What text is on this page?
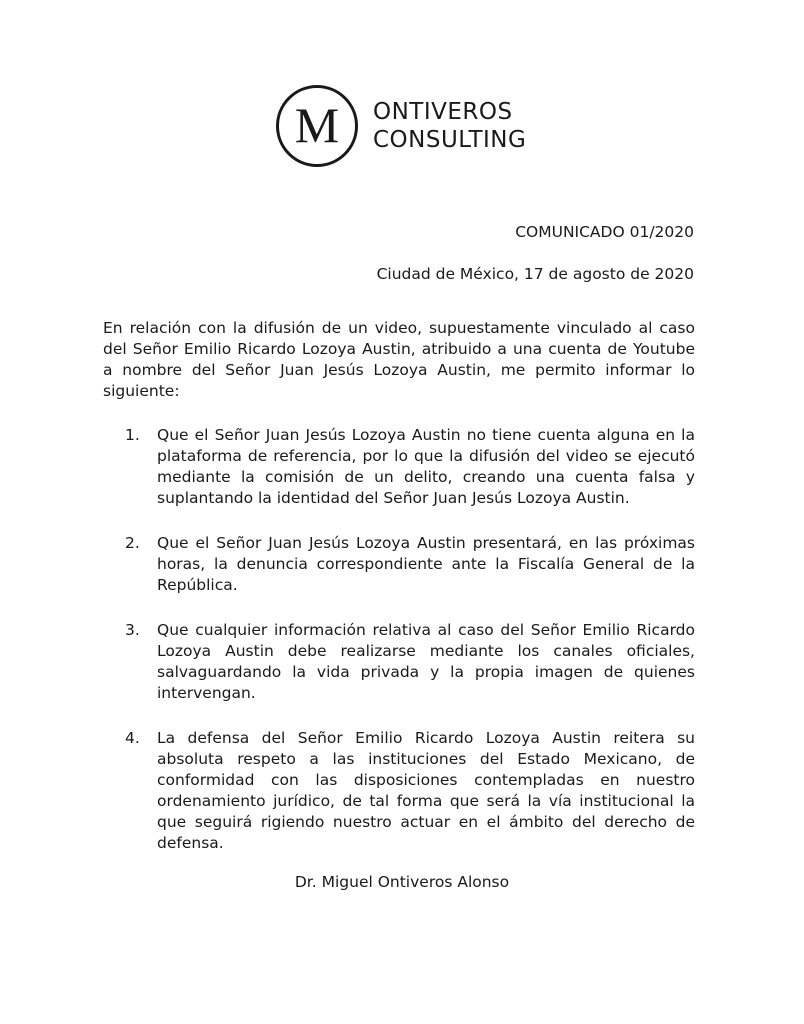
M ONTIVEROS
CONSULTING
COMUNICADO 01/2020
Ciudad de México, 17 de agosto de 2020

En relación con la difusión de un video, supuestamente vinculado al caso del Señor Emilio Ricardo Lozoya Austin, atribuido a una cuenta de Youtube a nombre del Señor Juan Jesús Lozoya Austin, me permito informar lo siguiente:

1. Que el Señor Juan Jesús Lozoya Austin no tiene cuenta alguna en la plataforma de referencia, por lo que la difusión del video se ejecutó mediante la comisión de un delito, creando una cuenta falsa y suplantando la identidad del Señor Juan Jesús Lozoya Austin.
2. Que el Señor Juan Jesús Lozoya Austin presentará, en las próximas horas, la denuncia correspondiente ante la Fiscalía General de la República.
3. Que cualquier información relativa al caso del Señor Emilio Ricardo Lozoya Austin debe realizarse mediante los canales oficiales, salvaguardando la vida privada y la propia imagen de quienes intervengan.
4. La defensa del Señor Emilio Ricardo Lozoya Austin reitera su absoluta respeto a las instituciones del Estado Mexicano, de conformidad con las disposiciones contempladas en nuestro ordenamiento jurídico, de tal forma que será la vía institucional la que seguirá rigiendo nuestro actuar en el ámbito del derecho de defensa.
Dr. Miguel Ontiveros Alonso
